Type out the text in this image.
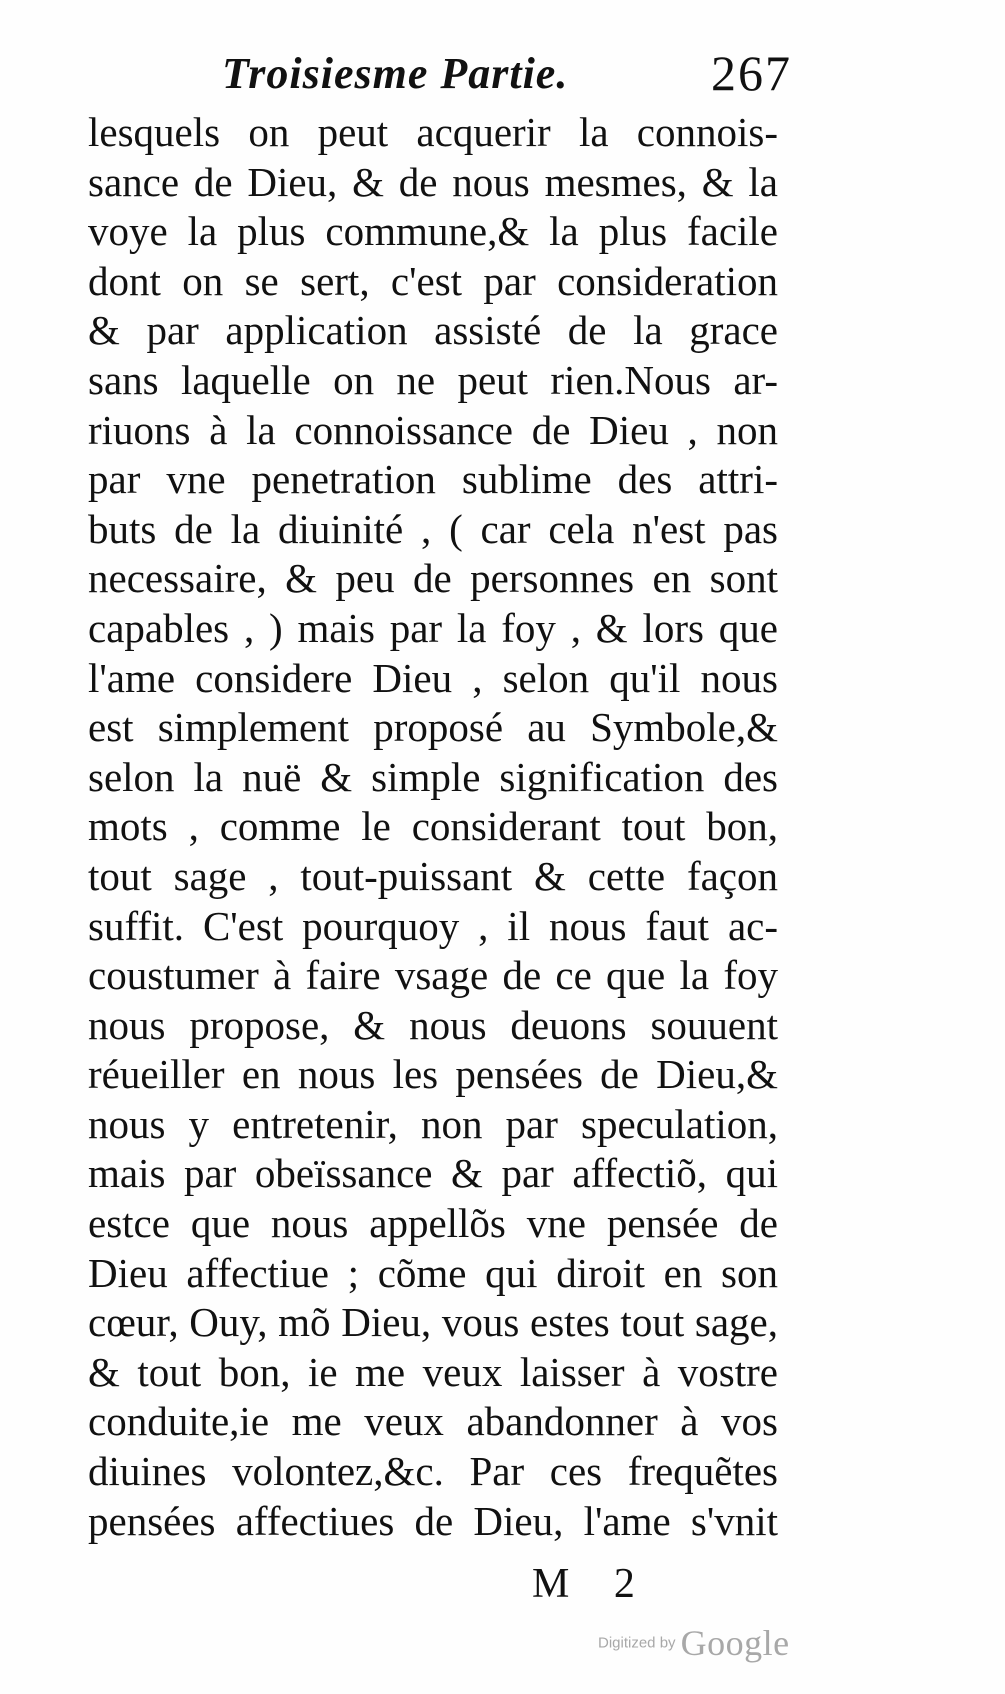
Troisiesme Partie.	267
lesquels on peut acquerir la connois-
sance de Dieu, & de nous mesmes, & la
voye la plus commune,& la plus facile
dont on se sert, c'est par consideration
& par application assisté de la grace
sans laquelle on ne peut rien.Nous ar-
riuons à la connoissance de Dieu , non
par vne penetration sublime des attri-
buts de la diuinité , ( car cela n'est pas
necessaire, & peu de personnes en sont
capables , ) mais par la foy , & lors que
l'ame considere Dieu , selon qu'il nous
est simplement proposé au Symbole,&
selon la nuë & simple signification des
mots , comme le considerant tout bon,
tout sage , tout-puissant & cette façon
suffit. C'est pourquoy , il nous faut ac-
coustumer à faire vsage de ce que la foy
nous propose, & nous deuons souuent
réueiller en nous les pensées de Dieu,&
nous y entretenir, non par speculation,
mais par obeïssance & par affectiõ, qui
estce que nous appellõs vne pensée de
Dieu affectiue ; cõme qui diroit en son
cœur, Ouy, mõ Dieu, vous estes tout sage,
& tout bon, ie me veux laisser à vostre
conduite,ie me veux abandonner à vos
diuines volontez,&c. Par ces frequẽtes
pensées affectiues de Dieu, l'ame s'vnit
M 2
Digitized by Google
